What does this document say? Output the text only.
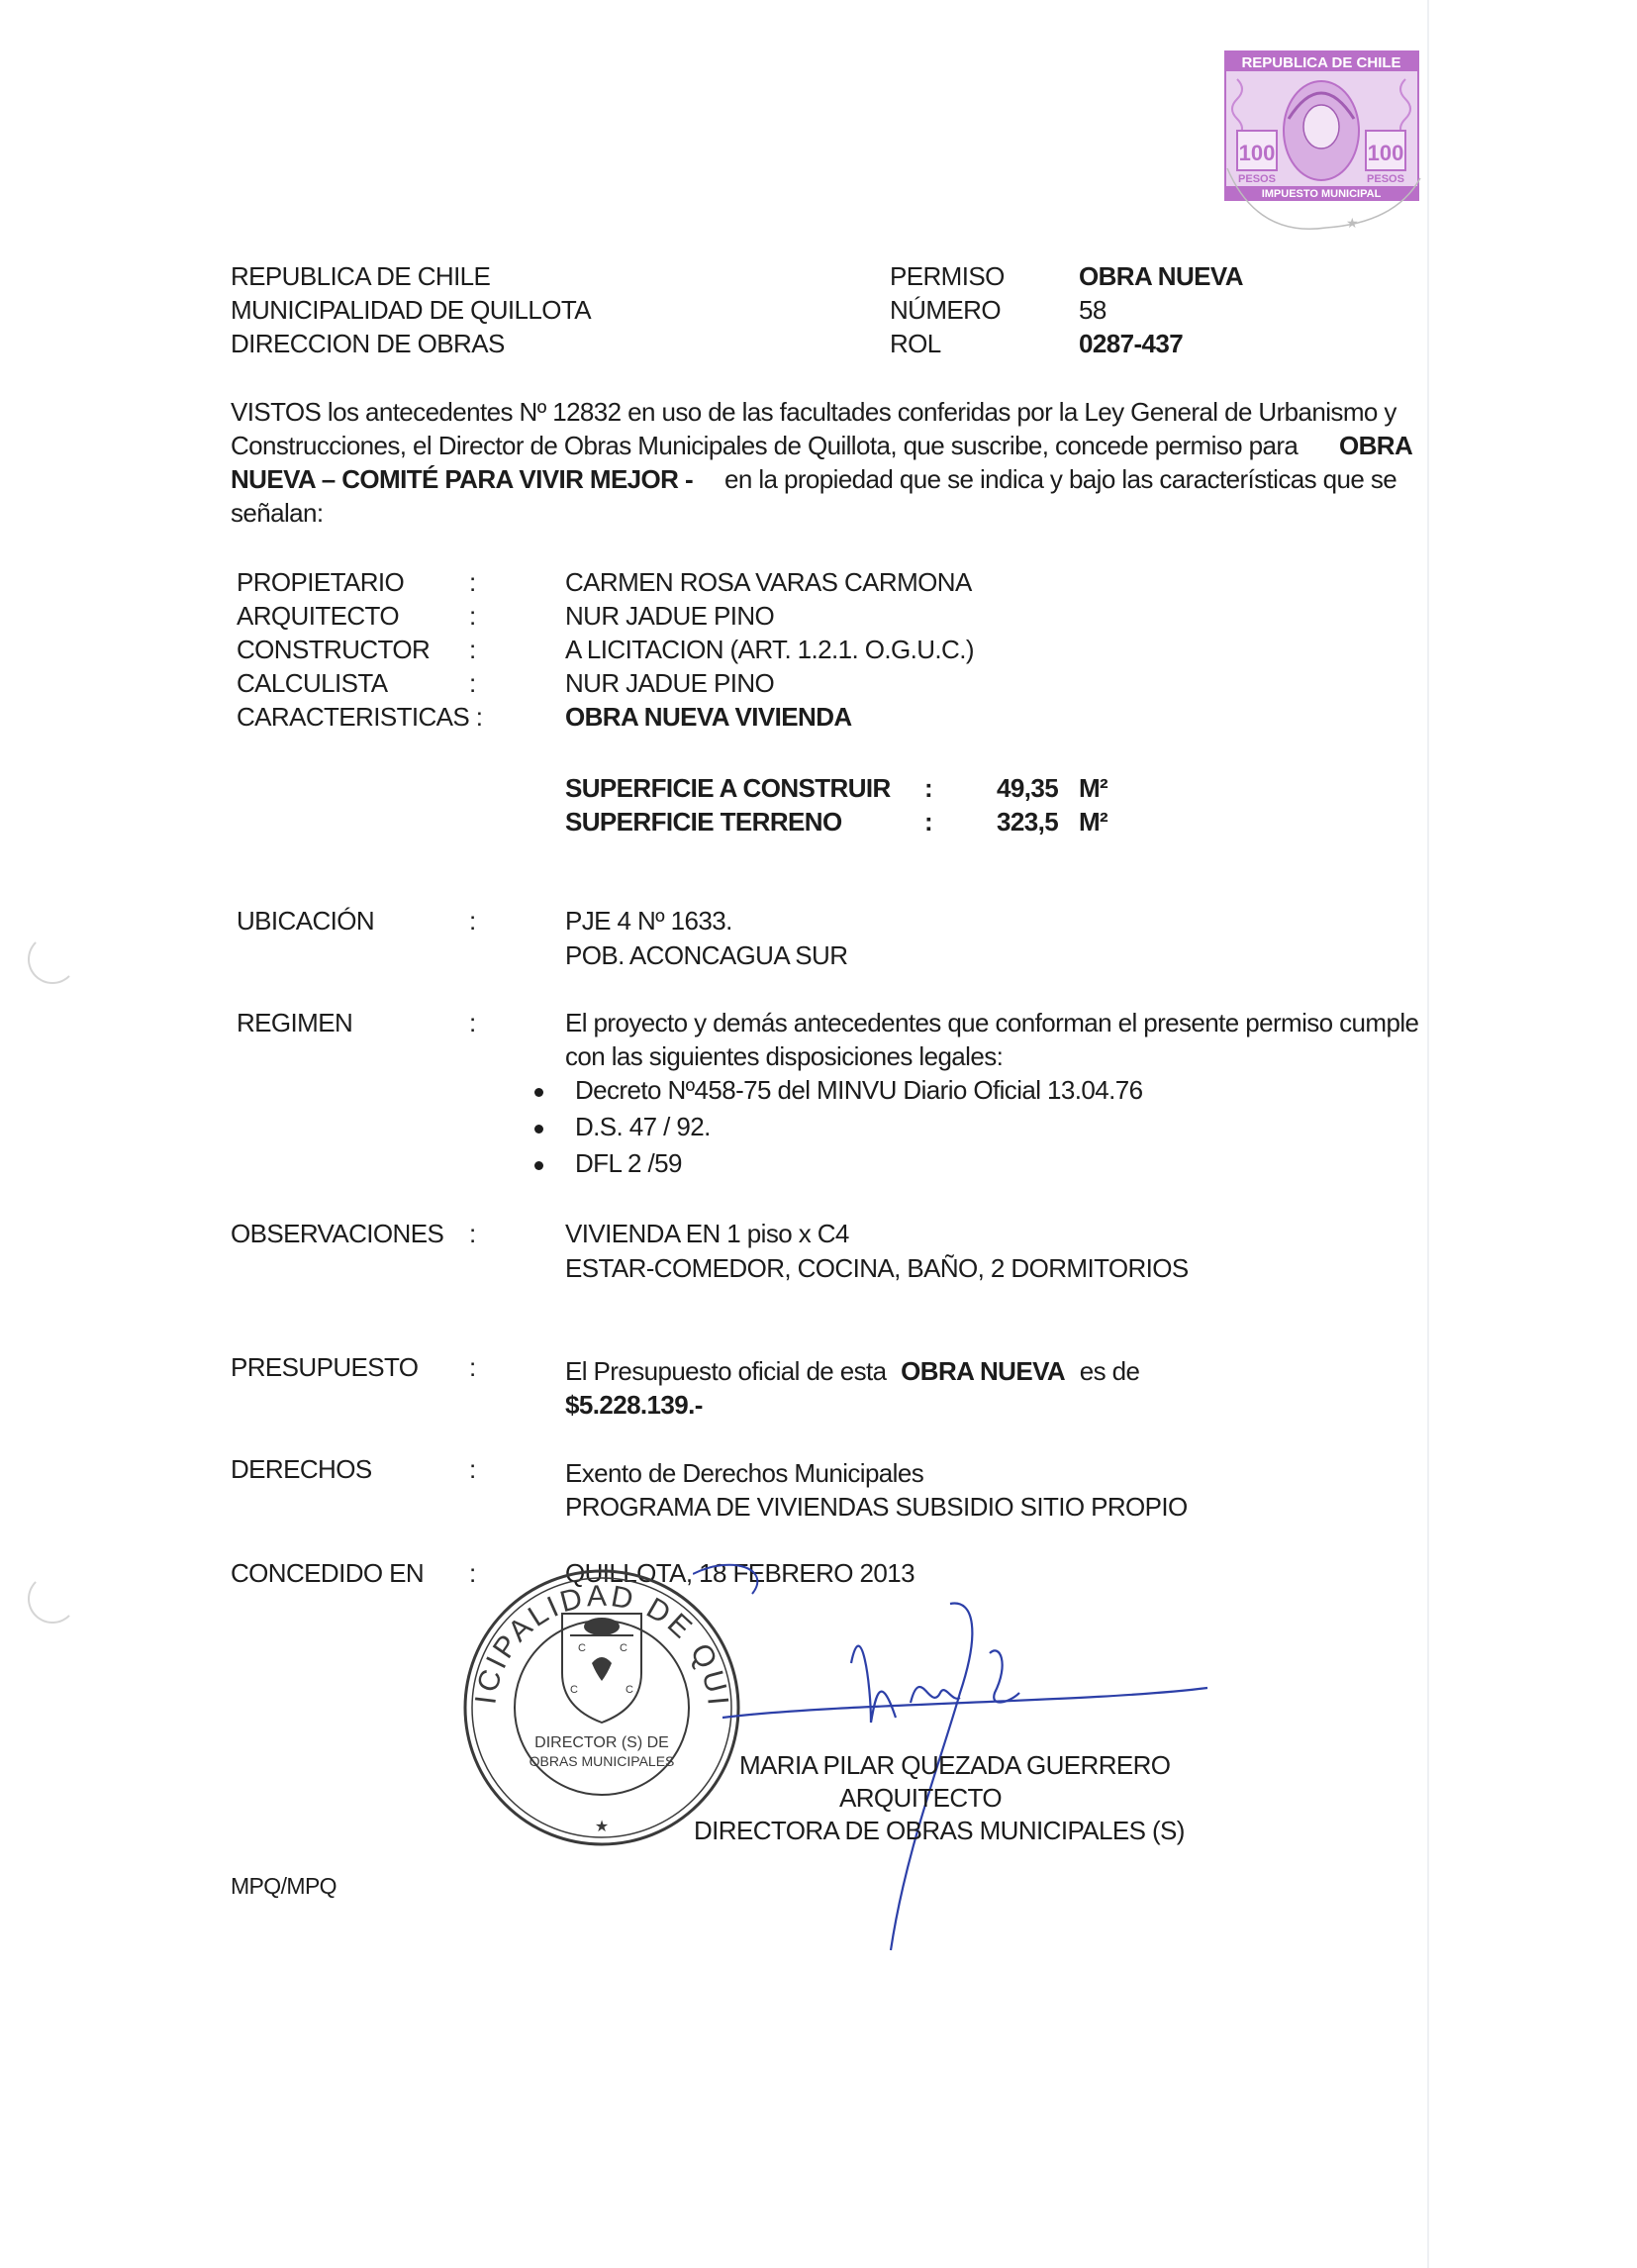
REPUBLICA DE CHILE
100	100
PESOS	PESOS
IMPUESTO MUNICIPAL
★
REPUBLICA DE CHILE
MUNICIPALIDAD DE QUILLOTA
DIRECCION DE OBRAS
PERMISO	OBRA NUEVA
NÚMERO	58
ROL	0287-437
VISTOS los antecedentes Nº 12832 en uso de las facultades conferidas por la Ley General de Urbanismo y
Construcciones, el Director de Obras Municipales de Quillota, que suscribe, concede permiso para OBRA
NUEVA – COMITÉ PARA VIVIR MEJOR - en la propiedad que se indica y bajo las características que se
señalan:
PROPIETARIO	:	CARMEN ROSA VARAS CARMONA
ARQUITECTO	:	NUR JADUE PINO
CONSTRUCTOR :	A LICITACION (ART. 1.2.1. O.G.U.C.)
CALCULISTA	:	NUR JADUE PINO
CARACTERISTICAS :	OBRA NUEVA VIVIENDA
SUPERFICIE A CONSTRUIR : 49,35 M²
SUPERFICIE TERRENO	: 323,5 M²
UBICACIÓN	:	PJE 4 Nº 1633.
POB. ACONCAGUA SUR
REGIMEN	:	El proyecto y demás antecedentes que conforman el presente permiso cumple
con las siguientes disposiciones legales:
Decreto Nº458-75 del MINVU Diario Oficial 13.04.76
D.S. 47 / 92.
DFL 2 /59
OBSERVACIONES :	VIVIENDA EN 1 piso x C4
ESTAR-COMEDOR, COCINA, BAÑO, 2 DORMITORIOS
PRESUPUESTO :	El Presupuesto oficial de esta OBRA NUEVA es de
$5.228.139.-
DERECHOS	:	Exento de Derechos Municipales
PROGRAMA DE VIVIENDAS SUBSIDIO SITIO PROPIO
CONCEDIDO EN :	QUILLOTA, 18 FEBRERO 2013
ICIPALIDAD DE QUI
C	C
C	C
DIRECTOR (S) DE
OBRAS MUNICIPALES
★
MARIA PILAR QUEZADA GUERRERO
ARQUITECTO
DIRECTORA DE OBRAS MUNICIPALES (S)
MPQ/MPQ
